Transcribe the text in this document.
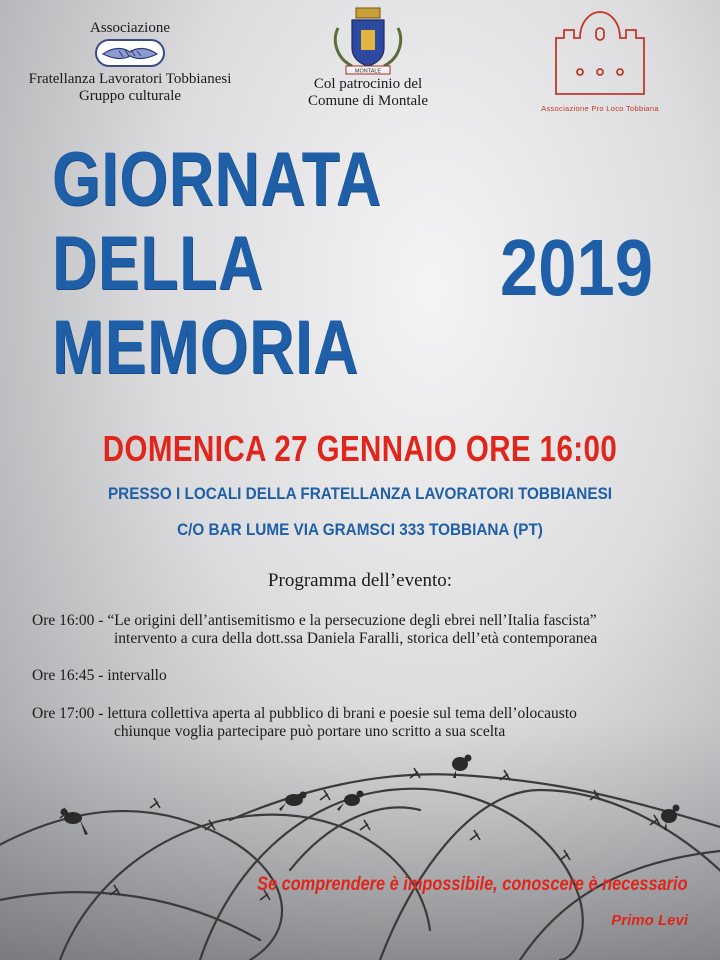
Associazione
Fratellanza Lavoratori Tobbianesi
Gruppo culturale
MONTALE
Col patrocinio del
Comune di Montale	Associazione Pro Loco Tobbiana
GIORNATA
DELLA
MEMORIA
2019
DOMENICA 27 GENNAIO ORE 16:00
PRESSO I LOCALI DELLA FRATELLANZA LAVORATORI TOBBIANESI
C/O BAR LUME VIA GRAMSCI 333 TOBBIANA (PT)
Programma dell’evento:
Ore 16:00 - “Le origini dell’antisemitismo e la persecuzione degli ebrei nell’Italia fascista”
intervento a cura della dott.ssa Daniela Faralli, storica dell’età contemporanea
Ore 16:45 - intervallo
Ore 17:00 - lettura collettiva aperta al pubblico di brani e poesie sul tema dell’olocausto
chiunque voglia partecipare può portare uno scritto a sua scelta
Se comprendere è impossibile, conoscere è necessario
Primo Levi
